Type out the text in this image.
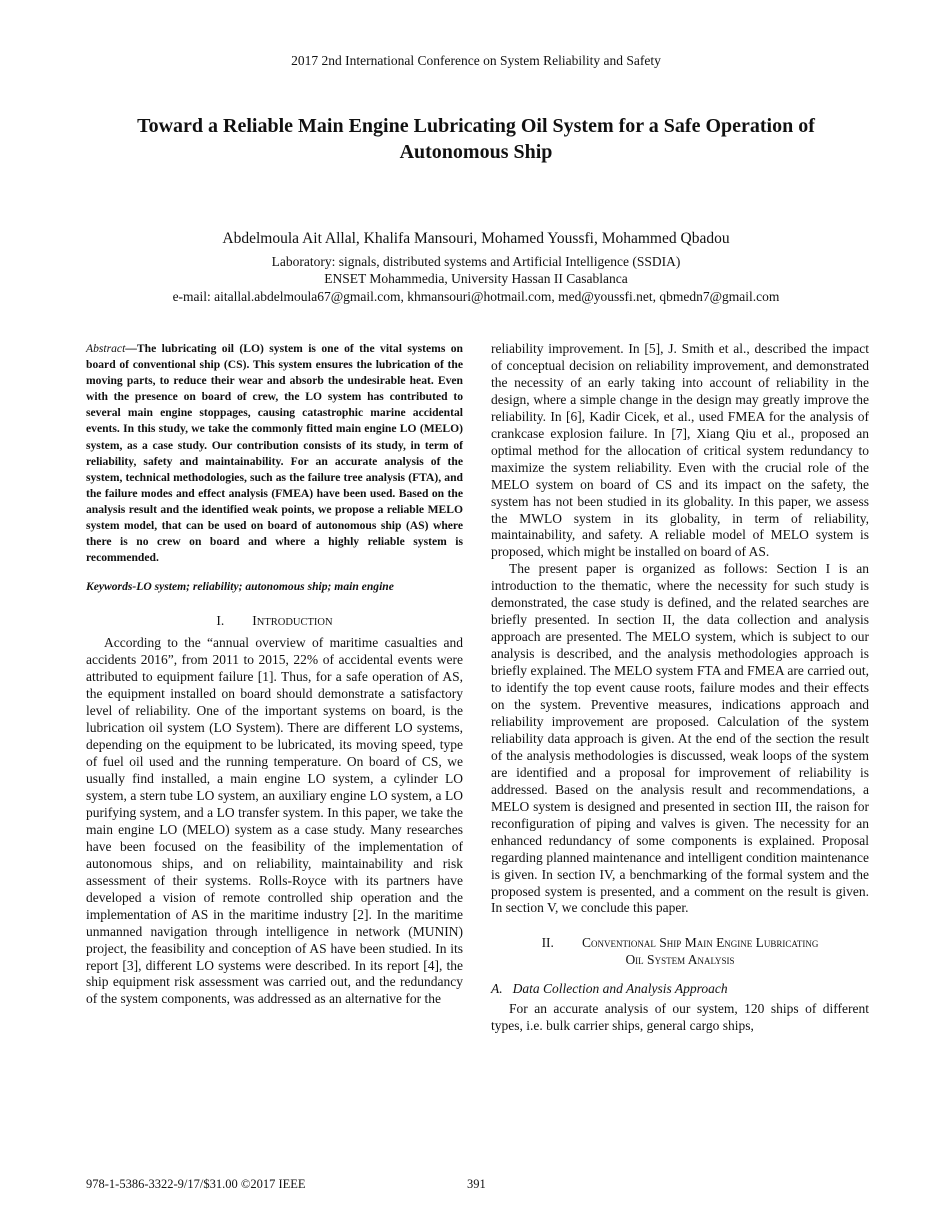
2017 2nd International Conference on System Reliability and Safety
Toward a Reliable Main Engine Lubricating Oil System for a Safe Operation of
Autonomous Ship
Abdelmoula Ait Allal, Khalifa Mansouri, Mohamed Youssfi, Mohammed Qbadou
Laboratory: signals, distributed systems and Artificial Intelligence (SSDIA)
ENSET Mohammedia, University Hassan II Casablanca
e-mail: aitallal.abdelmoula67@gmail.com, khmansouri@hotmail.com, med@youssfi.net, qbmedn7@gmail.com

Abstract—The lubricating oil (LO) system is one of the vital systems on board of conventional ship (CS). This system ensures the lubrication of the moving parts, to reduce their wear and absorb the undesirable heat. Even with the presence on board of crew, the LO system has contributed to several main engine stoppages, causing catastrophic marine accidental events. In this study, we take the commonly fitted main engine LO (MELO) system, as a case study. Our contribution consists of its study, in term of reliability, safety and maintainability. For an accurate analysis of the system, technical methodologies, such as the failure tree analysis (FTA), and the failure modes and effect analysis (FMEA) have been used. Based on the analysis result and the identified weak points, we propose a reliable MELO system model, that can be used on board of autonomous ship (AS) where there is no crew on board and where a highly reliable system is recommended.

Keywords-LO system; reliability; autonomous ship; main engine

I. INTRODUCTION

According to the “annual overview of maritime casualties and accidents 2016”, from 2011 to 2015, 22% of accidental events were attributed to equipment failure [1]. Thus, for a safe operation of AS, the equipment installed on board should demonstrate a satisfactory level of reliability. One of the important systems on board, is the lubrication oil system (LO System). There are different LO systems, depending on the equipment to be lubricated, its moving speed, type of fuel oil used and the running temperature. On board of CS, we usually find installed, a main engine LO system, a cylinder LO system, a stern tube LO system, an auxiliary engine LO system, a LO purifying system, and a LO transfer system. In this paper, we take the main engine LO (MELO) system as a case study. Many researches have been focused on the feasibility of the implementation of autonomous ships, and on reliability, maintainability and risk assessment of their systems. Rolls-Royce with its partners have developed a vision of remote controlled ship operation and the implementation of AS in the maritime industry [2]. In the maritime unmanned navigation through intelligence in network (MUNIN) project, the feasibility and conception of AS have been studied. In its report [3], different LO systems were described. In its report [4], the ship equipment risk assessment was carried out, and the redundancy of the system components, was addressed as an alternative for the

reliability improvement. In [5], J. Smith et al., described the impact of conceptual decision on reliability improvement, and demonstrated the necessity of an early taking into account of reliability in the design, where a simple change in the design may greatly improve the reliability. In [6], Kadir Cicek, et al., used FMEA for the analysis of crankcase explosion failure. In [7], Xiang Qiu et al., proposed an optimal method for the allocation of critical system redundancy to maximize the system reliability. Even with the crucial role of the MELO system on board of CS and its impact on the safety, the system has not been studied in its globality. In this paper, we assess the MWLO system in its globality, in term of reliability, maintainability, and safety. A reliable model of MELO system is proposed, which might be installed on board of AS.

The present paper is organized as follows: Section I is an introduction to the thematic, where the necessity for such study is demonstrated, the case study is defined, and the related searches are briefly presented. In section II, the data collection and analysis approach are presented. The MELO system, which is subject to our analysis is described, and the analysis methodologies approach is briefly explained. The MELO system FTA and FMEA are carried out, to identify the top event cause roots, failure modes and their effects on the system. Preventive measures, indications approach and reliability improvement are proposed. Calculation of the system reliability data approach is given. At the end of the section the result of the analysis methodologies is discussed, weak loops of the system are identified and a proposal for improvement of reliability is addressed. Based on the analysis result and recommendations, a MELO system is designed and presented in section III, the raison for reconfiguration of piping and valves is given. The necessity for an enhanced redundancy of some components is explained. Proposal regarding planned maintenance and intelligent condition maintenance is given. In section IV, a benchmarking of the formal system and the proposed system is presented, and a comment on the result is given. In section V, we conclude this paper.

II. Conventional Ship Main Engine Lubricating
Oil System Analysis
A. Data Collection and Analysis Approach

For an accurate analysis of our system, 120 ships of different types, i.e. bulk carrier ships, general cargo ships,

978-1-5386-3322-9/17/$31.00 ©2017 IEEE	391
